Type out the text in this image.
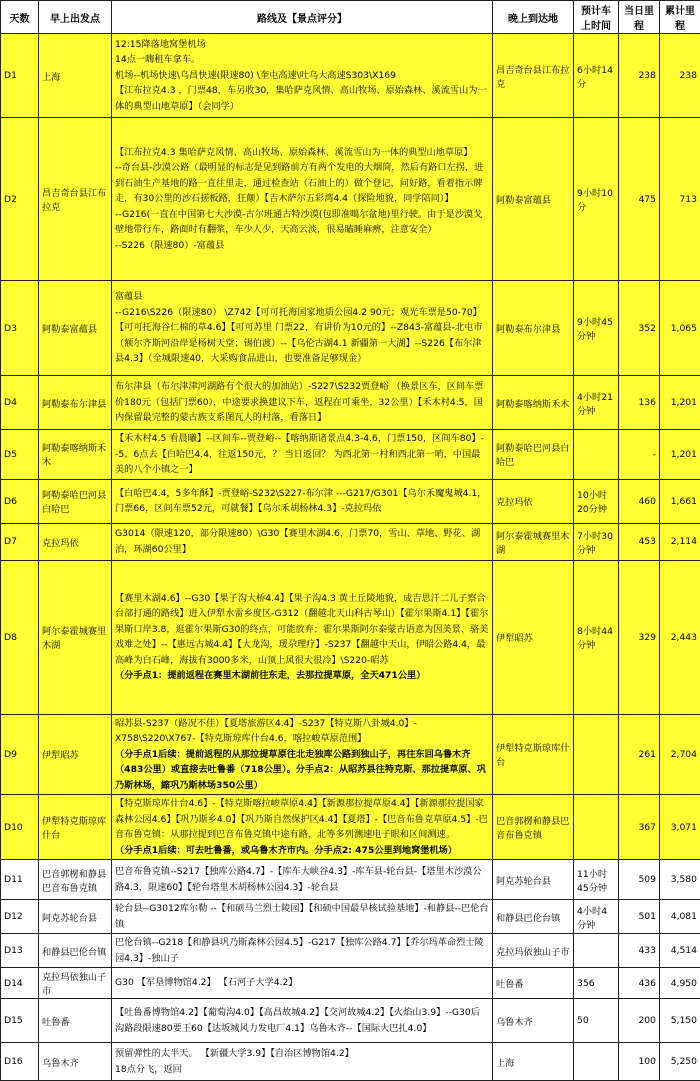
天数	早上出发点	路线及【景点评分】	晚上到达地	预计车上时间	当日里程	累计里程
D1	上海	12:15降落地窝堡机场
14点一嗨租车拿车。
机场--机场快速\乌昌快速(限速80) \奎屯高速\吐乌大高速S303\X169
【江布拉克4.3 ，门票48，车另收30，集哈萨克风情、高山牧场、原始森林、溪流雪山为一体的典型山地草原】（会同学）	昌吉奇台县江布拉克	6小时14分	238	238
D2	昌吉奇台县江布拉克	【江布拉克4.3 集哈萨克风情、高山牧场、原始森林、溪流雪山为一体的典型山地草原】
--奇台县-沙漠公路（最明显的标志是见到路前方有两个发电的大烟筒，然后有路口左拐，进到石油生产基地的路一直往里走，通过检查站（石油上的）做个登记，问好路，看着指示牌走，有30公里的沙石搓板路，狂颠）【吉木萨尔五彩湾4.4（探险地貌，同学陪同）】
--G216(一直在中国第七大沙漠-古尔班通古特沙漠(包即准噶尔盆地)里行驶。由于是沙漠戈壁地带行车，路面时有翻浆，车少人少，天高云淡，很易瞌睡麻痹，注意安全）
--S226（限速80）-富蕴县	阿勒泰富蕴县	9小时10分	475	713
D3	阿勒泰富蕴县	富蕴县
--G216\S226（限速80） \Z742【可可托海国家地质公园4.2 90元；观光车票是50-70】【可可托海谷仁棉的草4.6】【可可苏里 门票22，有讲价为10元的】--Z843-富蕴县-北屯市（额尔齐斯河沿岸是杨树天堂；锡伯渡）--【乌伦古湖4.1 新疆第一大湖】--S226【布尔津县4.3】（全城限速40，大采购食品进山，也要准备足够现金）	阿勒泰布尔津县	9小时45分钟	352	1,065
D4	阿勒泰布尔津县	布尔津县（布尔津津河湖路有个很大的加油站）-S227\S232贾登峪 （换景区车，区间车票价180元（包括门票60），中途要求换建议下车，返程在可乘坐，32公里）【禾木村4.5，国内保留最完整的蒙古族支系图瓦人的村落，看落日】	阿勒泰喀纳斯禾木	4小时21分钟	136	1,201
D5	阿勒泰喀纳斯禾木	【禾木村4.5 看晨曦】--区间车--贾登峪--【喀纳斯诸景点4.3-4.6，门票150，区间车80】--5、6点去【白哈巴4.4，往返150元，？ 当日返回？ 为西北第一村和西北第一哨，中国最美的八个小镇之一】	阿勒泰哈巴河县白哈巴		-	1,201
D6	阿勒泰哈巴河县白哈巴	【白哈巴4.4，5多年酥】-贾登峪-S232\S227-布尔津 ---G217/G301【乌尔禾魔鬼城4.1，门票66，区间车票52元，可就餐】【乌尔禾胡杨林4.3】-克拉玛依	克拉玛依	10小时20分钟	460	1,661
D7	克拉玛依	G3014（限速120，部分限速80）\G30【赛里木湖4.6，门票70，雪山、草地、野花、湖泊，环湖60公里】	阿尔泰霍城赛里木湖	7小时30分钟	453	2,114
D8	阿尔泰霍城赛里木湖	【赛里木湖4.6】--G30【果子沟大桥4.4】【果子沟4.3 黄土丘陵地貌，成吉思汗二儿子察合台部打通的路线】进入伊犁水雷乡度区-G312（翻越北天山科古琴山）【霍尔果斯4.1】【霍尔果斯口岸3.8，逛霍尔果斯G30的终点，可能放弃；霍尔果斯阿尔泰蒙古语意为因美景、骆美戏难之处】--【惠远古城4.4】【大龙沟，瑷尕理疗】-S237【翻越中天山，伊昭公路4.4，最高峰为白石峰，海拔有3000多米，山顶上风很大很冷】\S220-昭苏
（分手点1：提前返程在赛里木湖前往东走，去那拉提草原，全天471公里）	伊犁昭苏	8小时44分钟	329	2,443
D9	伊犁昭苏	昭苏县-S237（路况不佳）【夏塔旅游区4.4】-S237【特克斯八卦城4.0】-X758\S220\X767-【特克斯琼库什台4.6，喀拉峻草原范围】
（分手点1后续：提前返程的从那拉提草原往北走独库公路到独山子，再往东回乌鲁木齐（483公里）或直接去吐鲁番（718公里）。分手点2：从昭苏县往特克斯、那拉提草原、巩乃斯林场，縮巩乃斯林场350公里）	伊犁特克斯琼库什台		261	2,704
D10	伊犁特克斯琼库什台	【特克斯琼库什台4.6】-【特克斯喀拉峻草原4.4】【新源那拉提草原4.4】【新源那拉提国家森林公园4.6】【巩乃斯乡4.0】【巩乃斯自然保护区4.4】【夏塔】-【巴音布鲁克草原4.5】-巴音布鲁克镇：从那拉提到巴音布鲁克镇中途有路，北等多列测速电子眼和区间测速。
（分手点1后续：可去吐鲁番，或乌鲁木齐市内。分手点2: 475公里到地窝堡机场）	巴音郭楞和静县巴音布鲁克镇		367	3,071
D11	巴音郭楞和静县巴音布鲁克镇	巴音布鲁克镇--S217【独库公路4.7】-【库车大峡谷4.3】-库车县-轮台县-【塔里木沙漠公路4.3，限速60】【轮台塔里木胡杨林公园4.3】-轮台县	阿克苏轮台县	11小时45分钟	509	3,580
D12	阿克苏轮台县	轮台县--G3012库尔勒 --【和硕马兰烈士陵园】【和硕中国最早核试验基地】-和静县--巴伦台镇	和静县巴伦台镇	4小时4分钟	501	4,081
D13	和静县巴伦台镇	巴伦台镇--G218【和静县巩乃斯森林公园4.5】-G217【独库公路4.7】【乔尔玛革命烈士陵园4.3】-独山子	克拉玛依独山子市		433	4,514
D14	克拉玛依独山子市	G30 【军垦博物馆4.2】 【石河子大学4.2】	吐鲁番	356	436	4,950
D15	吐鲁番	【吐鲁番博物馆4.2】【葡萄沟4.0】【高昌故城4.2】【交河故城4.2】【火焰山3.9】--G30后沟路段限速80要王60【达坂城风力发电厂4.1】乌鲁木齐--【国际大巴扎4.0】	乌鲁木齐	50	200	5,150
D16	乌鲁木齐	预留弹性的太半天。 【新疆大学3.9】【自治区博物馆4.2】
18点分飞，返回	上海		100	5,250
